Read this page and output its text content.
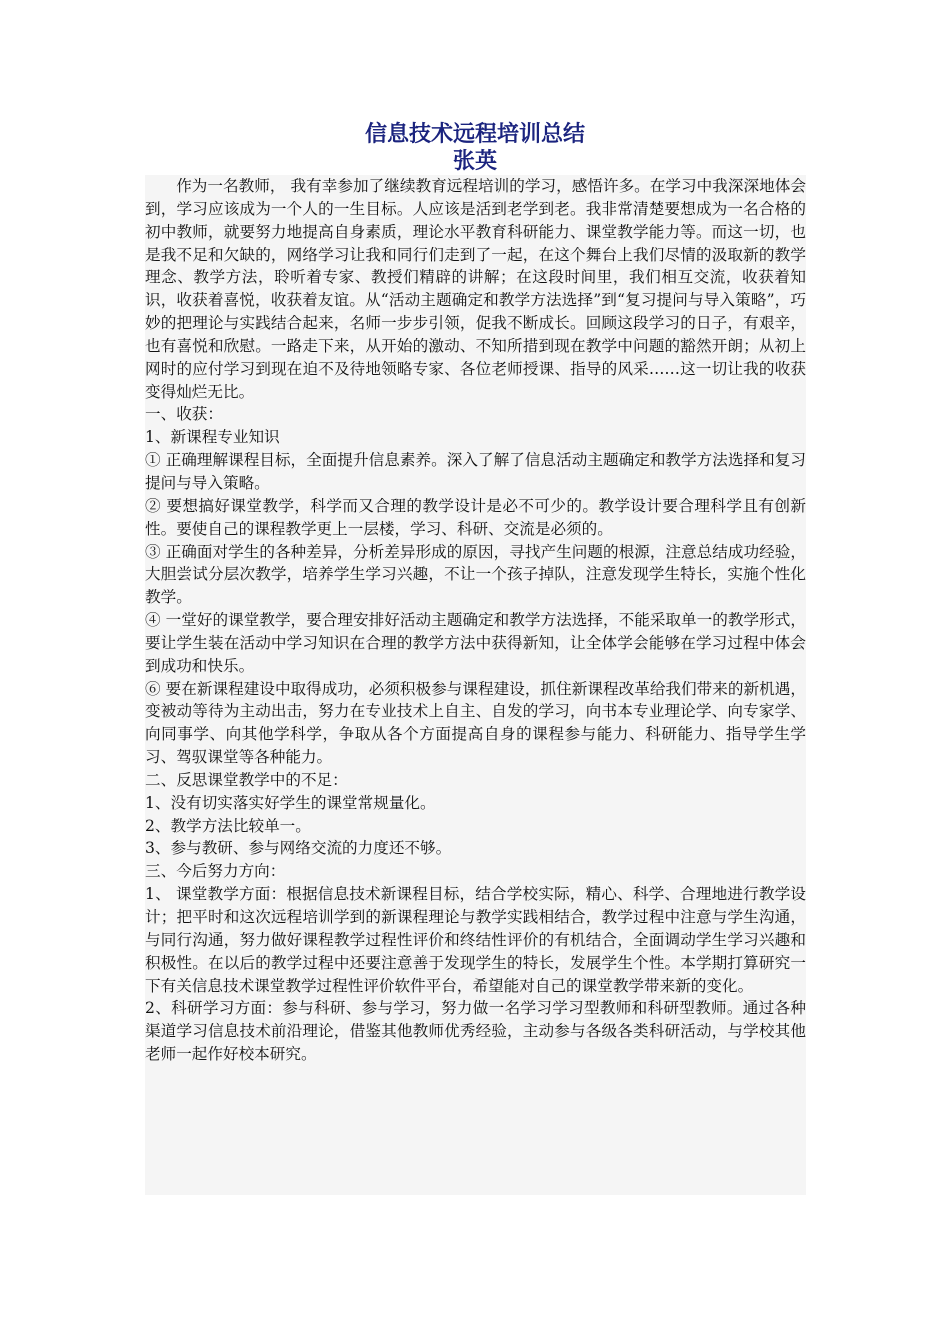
信息技术远程培训总结
张英

作为一名教师， 我有幸参加了继续教育远程培训的学习，感悟许多。在学习中我深深地体会到，学习应该成为一个人的一生目标。人应该是活到老学到老。我非常清楚要想成为一名合格的初中教师，就要努力地提高自身素质，理论水平教育科研能力、课堂教学能力等。而这一切，也是我不足和欠缺的，网络学习让我和同行们走到了一起，在这个舞台上我们尽情的汲取新的教学理念、教学方法，聆听着专家、教授们精辟的讲解；在这段时间里，我们相互交流，收获着知识，收获着喜悦，收获着友谊。从“活动主题确定和教学方法选择”到“复习提问与导入策略”，巧妙的把理论与实践结合起来，名师一步步引领，促我不断成长。回顾这段学习的日子，有艰辛，也有喜悦和欣慰。一路走下来，从开始的激动、不知所措到现在教学中问题的豁然开朗；从初上网时的应付学习到现在迫不及待地领略专家、各位老师授课、指导的风采……这一切让我的收获变得灿烂无比。

一、收获：

1、新课程专业知识

① 正确理解课程目标，全面提升信息素养。深入了解了信息活动主题确定和教学方法选择和复习提问与导入策略。

② 要想搞好课堂教学，科学而又合理的教学设计是必不可少的。教学设计要合理科学且有创新性。要使自己的课程教学更上一层楼，学习、科研、交流是必须的。

③ 正确面对学生的各种差异，分析差异形成的原因，寻找产生问题的根源，注意总结成功经验，大胆尝试分层次教学，培养学生学习兴趣，不让一个孩子掉队，注意发现学生特长，实施个性化教学。

④ 一堂好的课堂教学，要合理安排好活动主题确定和教学方法选择，不能采取单一的教学形式，要让学生装在活动中学习知识在合理的教学方法中获得新知，让全体学会能够在学习过程中体会到成功和快乐。

⑥ 要在新课程建设中取得成功，必须积极参与课程建设，抓住新课程改革给我们带来的新机遇，变被动等待为主动出击，努力在专业技术上自主、自发的学习，向书本专业理论学、向专家学、向同事学、向其他学科学，争取从各个方面提高自身的课程参与能力、科研能力、指导学生学习、驾驭课堂等各种能力。

二、反思课堂教学中的不足：

1、没有切实落实好学生的课堂常规量化。

2、教学方法比较单一。

3、参与教研、参与网络交流的力度还不够。

三、今后努力方向：

1、 课堂教学方面：根据信息技术新课程目标，结合学校实际，精心、科学、合理地进行教学设计；把平时和这次远程培训学到的新课程理论与教学实践相结合，教学过程中注意与学生沟通，与同行沟通，努力做好课程教学过程性评价和终结性评价的有机结合，全面调动学生学习兴趣和积极性。在以后的教学过程中还要注意善于发现学生的特长，发展学生个性。本学期打算研究一下有关信息技术课堂教学过程性评价软件平台，希望能对自己的课堂教学带来新的变化。

2、科研学习方面：参与科研、参与学习，努力做一名学习学习型教师和科研型教师。通过各种渠道学习信息技术前沿理论，借鉴其他教师优秀经验，主动参与各级各类科研活动，与学校其他老师一起作好校本研究。
